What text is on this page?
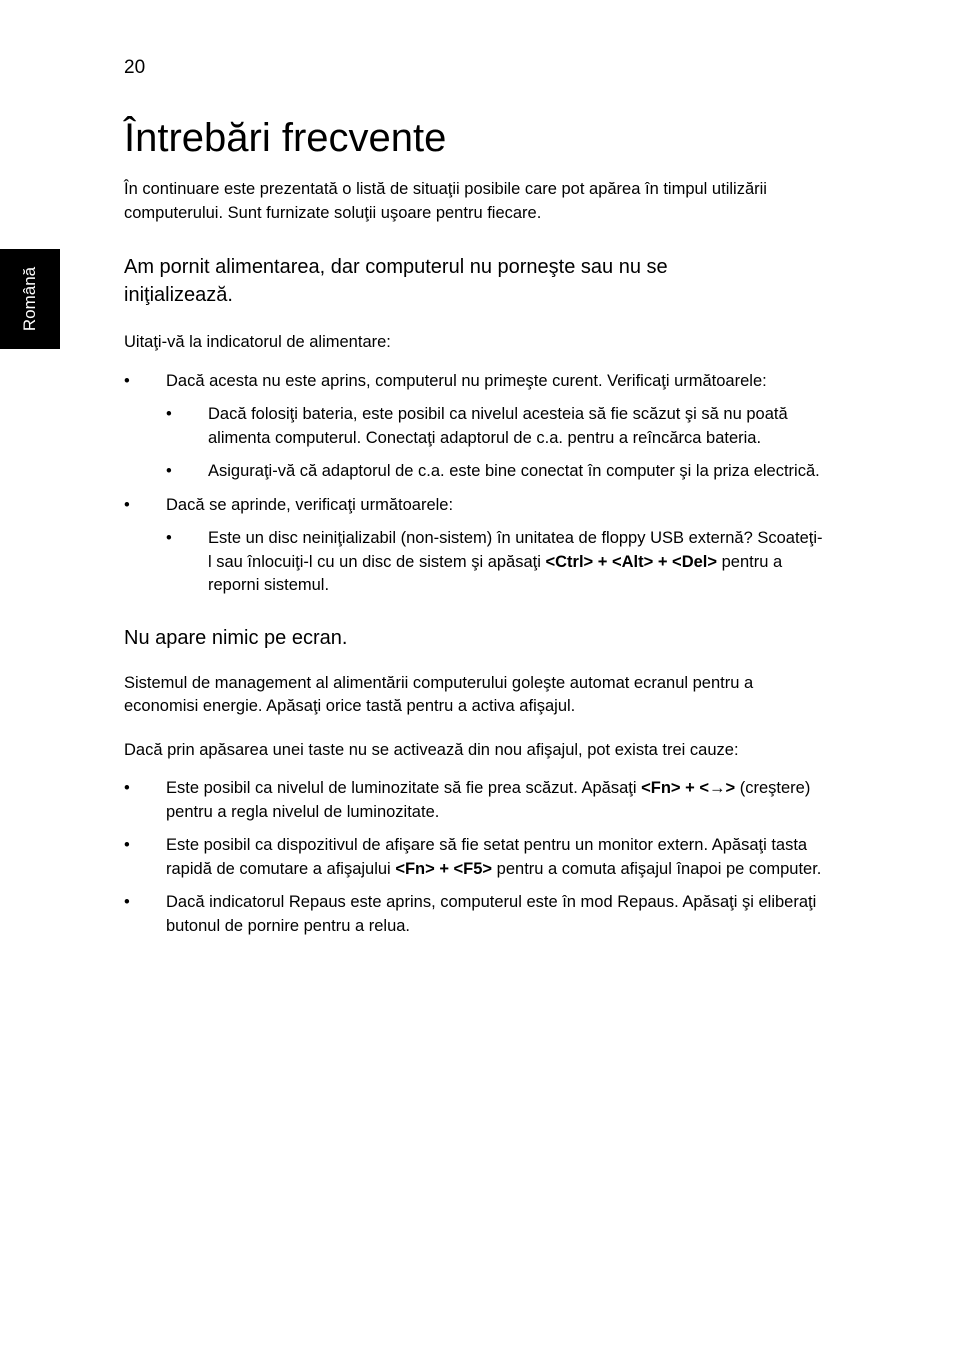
20
Română
Întrebări frecvente

În continuare este prezentată o listă de situaţii posibile care pot apărea în timpul utilizării computerului. Sunt furnizate soluţii uşoare pentru fiecare.

Am pornit alimentarea, dar computerul nu porneşte sau nu se iniţializează.

Uitaţi-vă la indicatorul de alimentare:

• Dacă acesta nu este aprins, computerul nu primeşte curent. Verificaţi următoarele:

• Dacă folosiţi bateria, este posibil ca nivelul acesteia să fie scăzut şi să nu poată alimenta computerul. Conectaţi adaptorul de c.a. pentru a reîncărca bateria.

• Asiguraţi-vă că adaptorul de c.a. este bine conectat în computer şi la priza electrică.

• Dacă se aprinde, verificaţi următoarele:

• Este un disc neiniţializabil (non-sistem) în unitatea de floppy USB externă? Scoateţi-l sau înlocuiţi-l cu un disc de sistem şi apăsaţi <Ctrl> + <Alt> + <Del> pentru a reporni sistemul.

Nu apare nimic pe ecran.

Sistemul de management al alimentării computerului goleşte automat ecranul pentru a economisi energie. Apăsaţi orice tastă pentru a activa afişajul.

Dacă prin apăsarea unei taste nu se activează din nou afişajul, pot exista trei cauze:

• Este posibil ca nivelul de luminozitate să fie prea scăzut. Apăsaţi <Fn> + <→> (creştere) pentru a regla nivelul de luminozitate.

• Este posibil ca dispozitivul de afişare să fie setat pentru un monitor extern. Apăsaţi tasta rapidă de comutare a afişajului <Fn> + <F5> pentru a comuta afişajul înapoi pe computer.

• Dacă indicatorul Repaus este aprins, computerul este în mod Repaus. Apăsaţi şi eliberaţi butonul de pornire pentru a relua.
